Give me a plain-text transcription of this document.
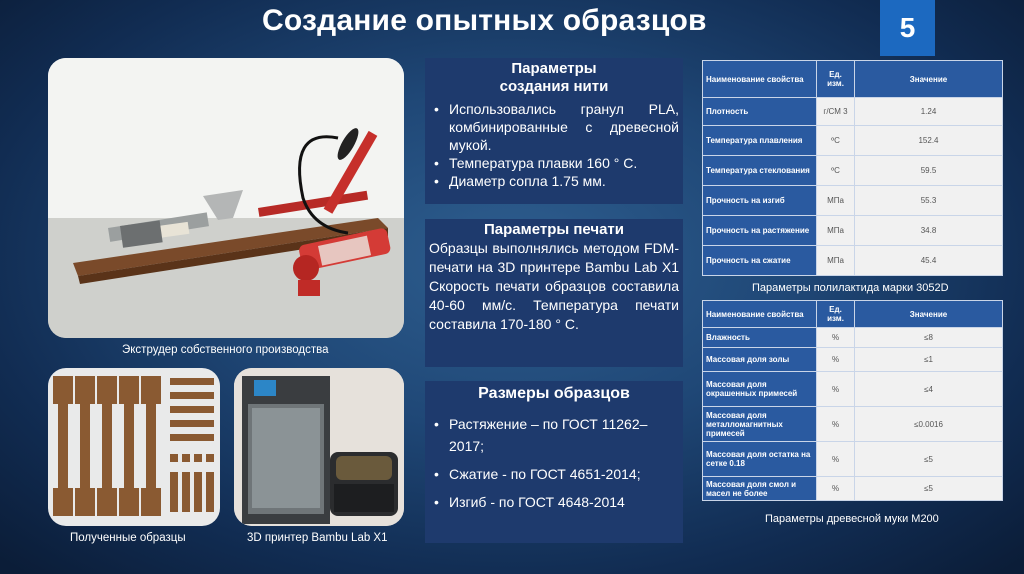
Создание опытных образцов	5
Экструдер собственного производства
Полученные образцы	3D принтер Bambu Lab X1
Параметры
создания нити
• Использовались гранул PLA, комбинированные с древесной мукой.
• Температура плавки 160 ° С.
• Диаметр сопла 1.75 мм.
Параметры печати

Образцы выполнялись методом FDM-печати на 3D принтере Bambu Lab X1 Скорость печати образцов составила 40-60 мм/с. Температура печати составила 170-180 ° С.

Размеры образцов
• Растяжение – по ГОСТ 11262–2017;
• Сжатие - по ГОСТ 4651-2014;
• Изгиб - по ГОСТ 4648-2014
Наименование свойства	Ед. изм.	Значение
Плотность	г/СМ 3	1.24
Температура плавления	ºС	152.4
Температура стеклования	ºС	59.5
Прочность на изгиб	МПа	55.3
Прочность на растяжение	МПа	34.8
Прочность на сжатие	МПа	45.4
Параметры полилактида марки 3052D
Наименование свойства	Ед. изм.	Значение
Влажность	%	≤8
Массовая доля золы	%	≤1
Массовая доля окрашенных примесей	%	≤4
Массовая доля металломагнитных примесей	%	≤0.0016
Массовая доля остатка на сетке 0.18	%	≤5
Массовая доля смол и масел не более	%	≤5
Параметры древесной муки М200
